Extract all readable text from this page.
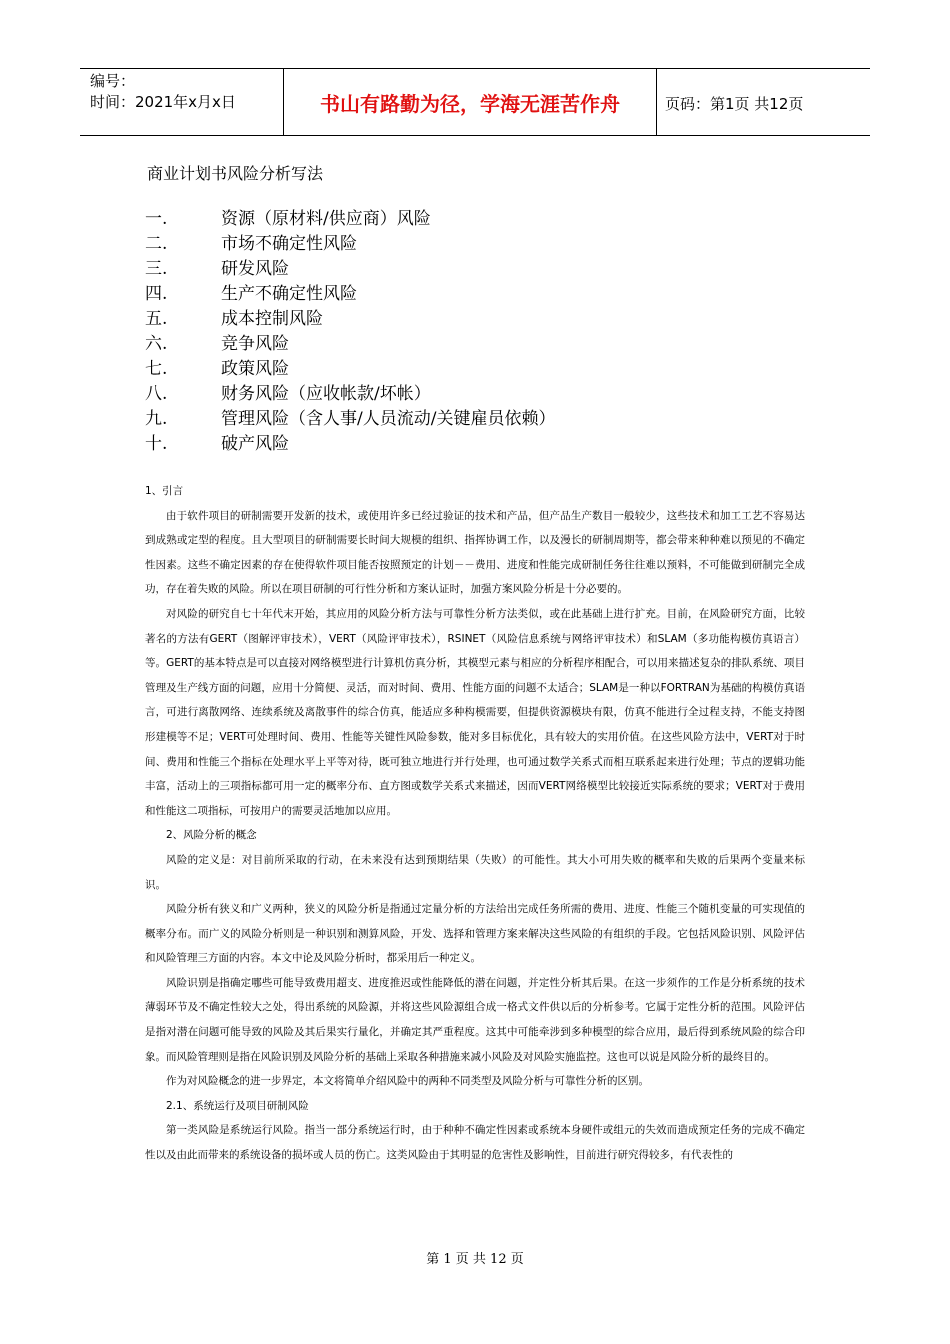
编号：
时间：2021年x月x日	书山有路勤为径，学海无涯苦作舟	页码：第1页 共12页
商业计划书风险分析写法
一.	资源（原材料/供应商）风险
二.	市场不确定性风险
三.	研发风险
四.	生产不确定性风险
五.	成本控制风险
六.	竞争风险
七.	政策风险
八.	财务风险（应收帐款/坏帐）
九.	管理风险（含人事/人员流动/关键雇员依赖）
十.	破产风险

1、引言

由于软件项目的研制需要开发新的技术，或使用许多已经过验证的技术和产品，但产品生产数目一般较少，这些技术和加工工艺不容易达到成熟或定型的程度。且大型项目的研制需要长时间大规模的组织、指挥协调工作，以及漫长的研制周期等，都会带来种种难以预见的不确定性因素。这些不确定因素的存在使得软件项目能否按照预定的计划－－费用、进度和性能完成研制任务往往难以预料，不可能做到研制完全成功，存在着失败的风险。所以在项目研制的可行性分析和方案认证时，加强方案风险分析是十分必要的。

对风险的研究自七十年代末开始，其应用的风险分析方法与可靠性分析方法类似，或在此基础上进行扩充。目前，在风险研究方面，比较著名的方法有GERT（图解评审技术），VERT（风险评审技术），RSINET（风险信息系统与网络评审技术）和SLAM（多功能构模仿真语言）等。GERT的基本特点是可以直接对网络模型进行计算机仿真分析，其模型元素与相应的分析程序相配合，可以用来描述复杂的排队系统、项目管理及生产线方面的问题，应用十分简便、灵活，而对时间、费用、性能方面的问题不太适合；SLAM是一种以FORTRAN为基础的构模仿真语言，可进行离散网络、连续系统及离散事件的综合仿真，能适应多种构模需要，但提供资源模块有限，仿真不能进行全过程支持，不能支持图形建模等不足；VERT可处理时间、费用、性能等关键性风险参数，能对多目标优化，具有较大的实用价值。在这些风险方法中，VERT对于时间、费用和性能三个指标在处理水平上平等对待，既可独立地进行并行处理，也可通过数学关系式而相互联系起来进行处理；节点的逻辑功能丰富，活动上的三项指标都可用一定的概率分布、直方图或数学关系式来描述，因而VERT网络模型比较接近实际系统的要求；VERT对于费用和性能这二项指标，可按用户的需要灵活地加以应用。

2、风险分析的概念

风险的定义是：对目前所采取的行动，在未来没有达到预期结果（失败）的可能性。其大小可用失败的概率和失败的后果两个变量来标识。

风险分析有狭义和广义两种，狭义的风险分析是指通过定量分析的方法给出完成任务所需的费用、进度、性能三个随机变量的可实现值的概率分布。而广义的风险分析则是一种识别和测算风险，开发、选择和管理方案来解决这些风险的有组织的手段。它包括风险识别、风险评估和风险管理三方面的内容。本文中论及风险分析时，都采用后一种定义。

风险识别是指确定哪些可能导致费用超支、进度推迟或性能降低的潜在问题，并定性分析其后果。在这一步须作的工作是分析系统的技术薄弱环节及不确定性较大之处，得出系统的风险源，并将这些风险源组合成一格式文件供以后的分析参考。它属于定性分析的范围。风险评估是指对潜在问题可能导致的风险及其后果实行量化，并确定其严重程度。这其中可能牵涉到多种模型的综合应用，最后得到系统风险的综合印象。而风险管理则是指在风险识别及风险分析的基础上采取各种措施来减小风险及对风险实施监控。这也可以说是风险分析的最终目的。

作为对风险概念的进一步界定，本文将简单介绍风险中的两种不同类型及风险分析与可靠性分析的区别。

2.1、系统运行及项目研制风险

第一类风险是系统运行风险。指当一部分系统运行时，由于种种不确定性因素或系统本身硬件或组元的失效而造成预定任务的完成不确定性以及由此而带来的系统设备的损坏或人员的伤亡。这类风险由于其明显的危害性及影响性，目前进行研究得较多，有代表性的

第 1 页 共 12 页
